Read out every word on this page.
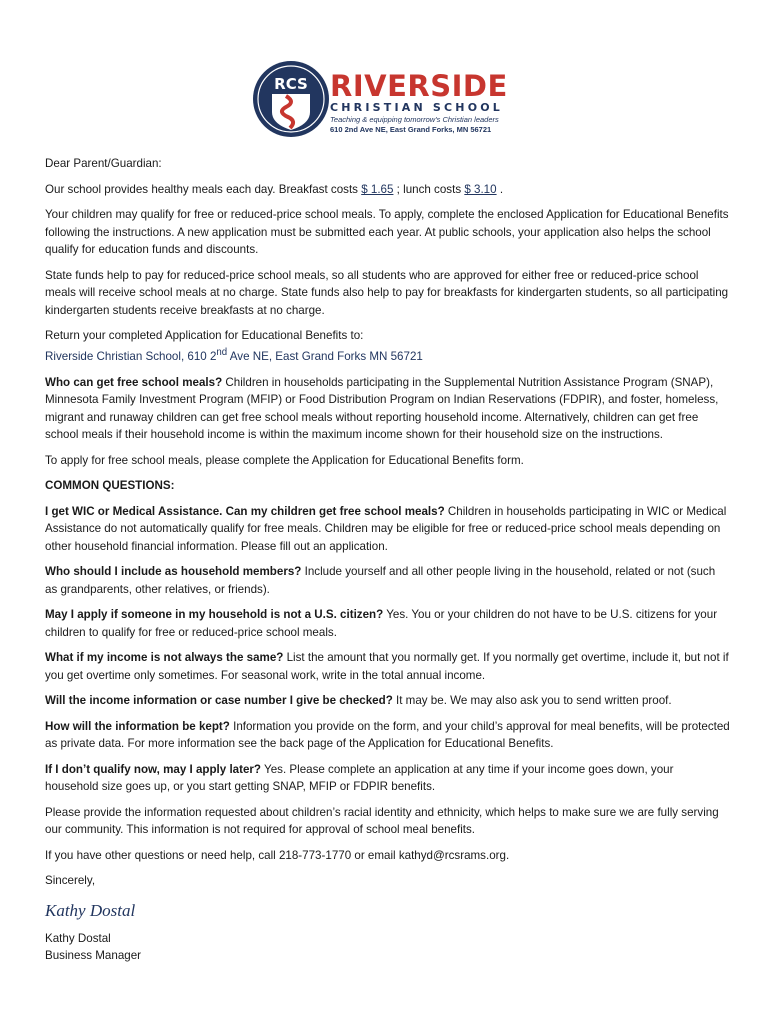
RCS RIVERSIDE
CHRISTIAN SCHOOL
Teaching & equipping tomorrow's Christian leaders
610 2nd Ave NE, East Grand Forks, MN 56721

Dear Parent/Guardian:

Our school provides healthy meals each day. Breakfast costs $ 1.65 ; lunch costs $ 3.10 .

Your children may qualify for free or reduced-price school meals. To apply, complete the enclosed Application for Educational Benefits following the instructions. A new application must be submitted each year. At public schools, your application also helps the school qualify for education funds and discounts.

State funds help to pay for reduced-price school meals, so all students who are approved for either free or reduced-price school meals will receive school meals at no charge. State funds also help to pay for breakfasts for kindergarten students, so all participating kindergarten students receive breakfasts at no charge.

Return your completed Application for Educational Benefits to:
Riverside Christian School, 610 2nd Ave NE, East Grand Forks MN 56721

Who can get free school meals? Children in households participating in the Supplemental Nutrition Assistance Program (SNAP), Minnesota Family Investment Program (MFIP) or Food Distribution Program on Indian Reservations (FDPIR), and foster, homeless, migrant and runaway children can get free school meals without reporting household income. Alternatively, children can get free school meals if their household income is within the maximum income shown for their household size on the instructions.

To apply for free school meals, please complete the Application for Educational Benefits form.

COMMON QUESTIONS:

I get WIC or Medical Assistance. Can my children get free school meals? Children in households participating in WIC or Medical Assistance do not automatically qualify for free meals. Children may be eligible for free or reduced-price school meals depending on other household financial information. Please fill out an application.

Who should I include as household members? Include yourself and all other people living in the household, related or not (such as grandparents, other relatives, or friends).

May I apply if someone in my household is not a U.S. citizen? Yes. You or your children do not have to be U.S. citizens for your children to qualify for free or reduced-price school meals.

What if my income is not always the same? List the amount that you normally get. If you normally get overtime, include it, but not if you get overtime only sometimes. For seasonal work, write in the total annual income.

Will the income information or case number I give be checked? It may be. We may also ask you to send written proof.

How will the information be kept? Information you provide on the form, and your child’s approval for meal benefits, will be protected as private data. For more information see the back page of the Application for Educational Benefits.

If I don’t qualify now, may I apply later? Yes. Please complete an application at any time if your income goes down, your household size goes up, or you start getting SNAP, MFIP or FDPIR benefits.

Please provide the information requested about children’s racial identity and ethnicity, which helps to make sure we are fully serving our community. This information is not required for approval of school meal benefits.

If you have other questions or need help, call 218-773-1770 or email kathyd@rcsrams.org.

Sincerely,

Kathy Dostal

Kathy Dostal
Business Manager
